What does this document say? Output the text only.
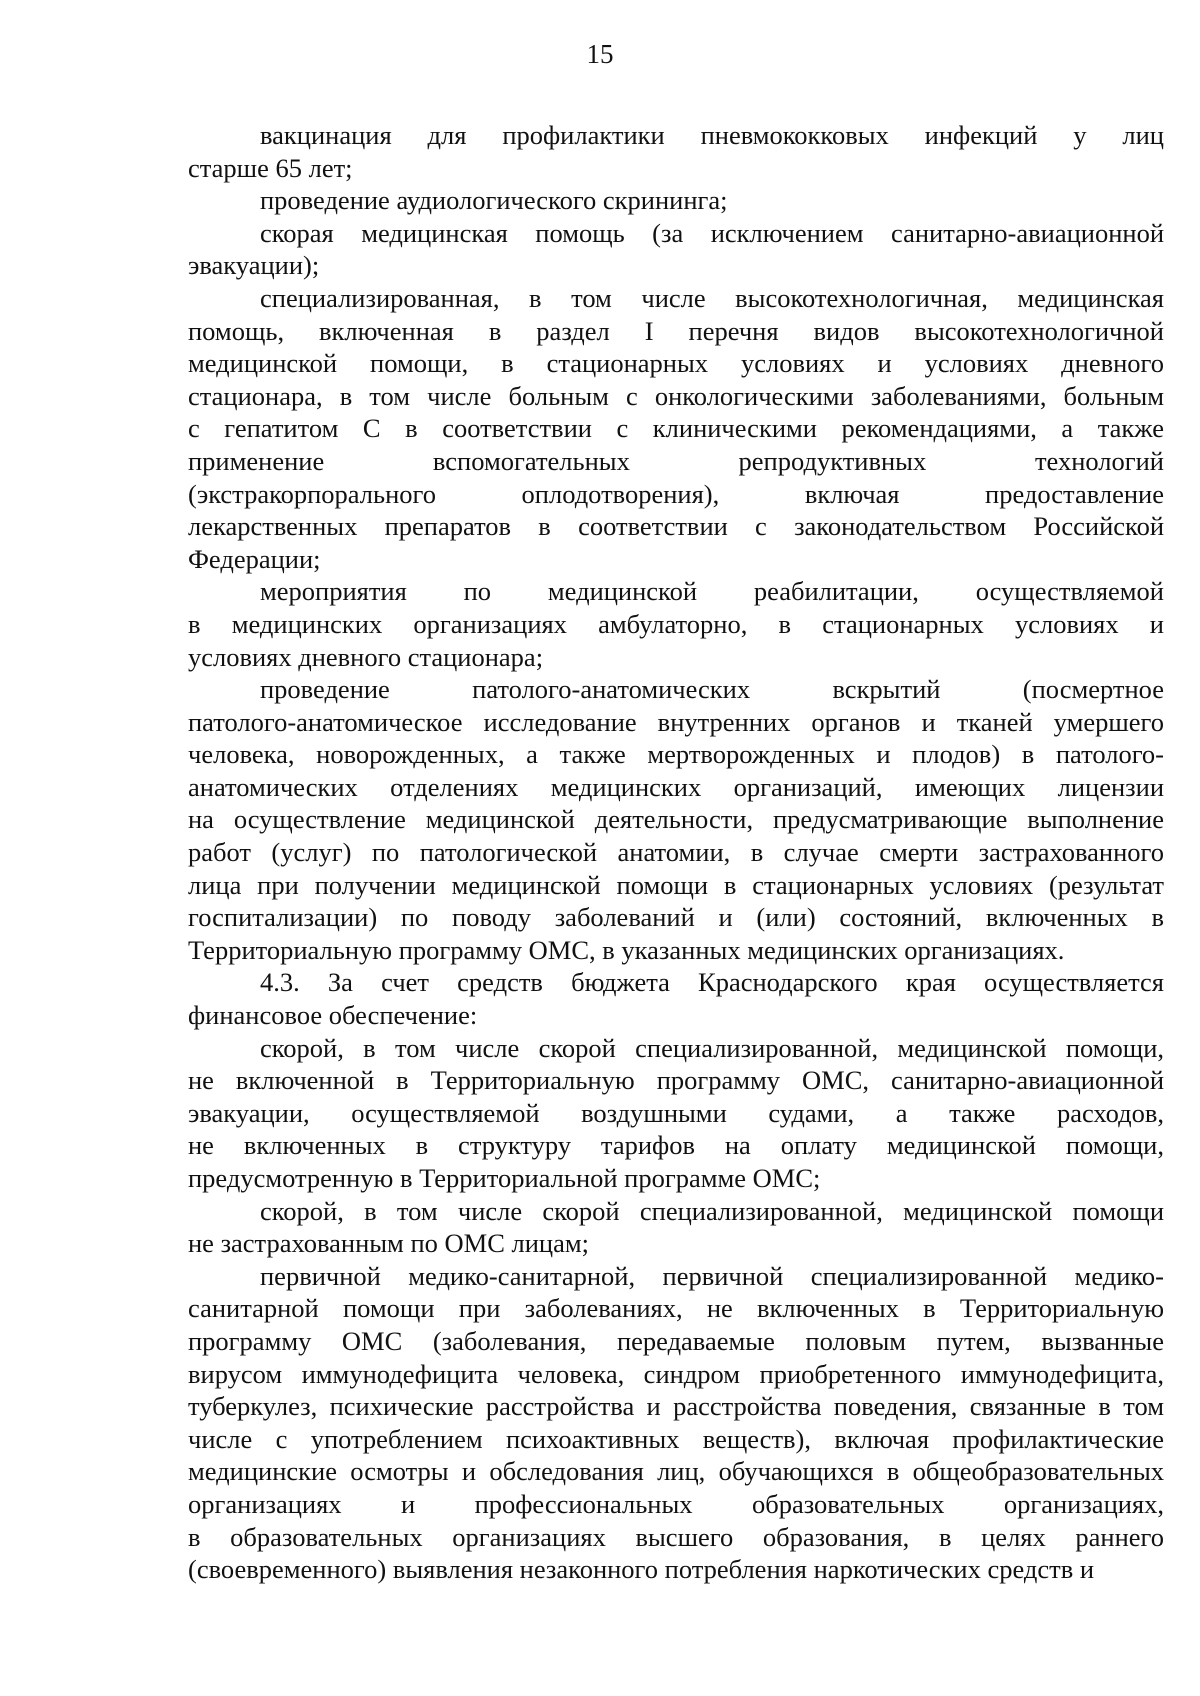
15

вакцинация для профилактики пневмококковых инфекций у лиц
старше 65 лет;

проведение аудиологического скрининга;

скорая медицинская помощь (за исключением санитарно-авиационной
эвакуации);

специализированная, в том числе высокотехнологичная, медицинская
помощь, включенная в раздел I перечня видов высокотехнологичной
медицинской помощи, в стационарных условиях и условиях дневного
стационара, в том числе больным с онкологическими заболеваниями, больным
с гепатитом С в соответствии с клиническими рекомендациями, а также
применение вспомогательных репродуктивных технологий
(экстракорпорального оплодотворения), включая предоставление
лекарственных препаратов в соответствии с законодательством Российской
Федерации;

мероприятия по медицинской реабилитации, осуществляемой
в медицинских организациях амбулаторно, в стационарных условиях и
условиях дневного стационара;

проведение патолого-анатомических вскрытий (посмертное
патолого-анатомическое исследование внутренних органов и тканей умершего
человека, новорожденных, а также мертворожденных и плодов) в патолого-
анатомических отделениях медицинских организаций, имеющих лицензии
на осуществление медицинской деятельности, предусматривающие выполнение
работ (услуг) по патологической анатомии, в случае смерти застрахованного
лица при получении медицинской помощи в стационарных условиях (результат
госпитализации) по поводу заболеваний и (или) состояний, включенных в
Территориальную программу ОМС, в указанных медицинских организациях.

4.3. За счет средств бюджета Краснодарского края осуществляется
финансовое обеспечение:

скорой, в том числе скорой специализированной, медицинской помощи,
не включенной в Территориальную программу ОМС, санитарно-авиационной
эвакуации, осуществляемой воздушными судами, а также расходов,
не включенных в структуру тарифов на оплату медицинской помощи,
предусмотренную в Территориальной программе ОМС;

скорой, в том числе скорой специализированной, медицинской помощи
не застрахованным по ОМС лицам;

первичной медико-санитарной, первичной специализированной медико-
санитарной помощи при заболеваниях, не включенных в Территориальную
программу ОМС (заболевания, передаваемые половым путем, вызванные
вирусом иммунодефицита человека, синдром приобретенного иммунодефицита,
туберкулез, психические расстройства и расстройства поведения, связанные в том
числе с употреблением психоактивных веществ), включая профилактические
медицинские осмотры и обследования лиц, обучающихся в общеобразовательных
организациях и профессиональных образовательных организациях,
в образовательных организациях высшего образования, в целях раннего
(своевременного) выявления незаконного потребления наркотических средств и
